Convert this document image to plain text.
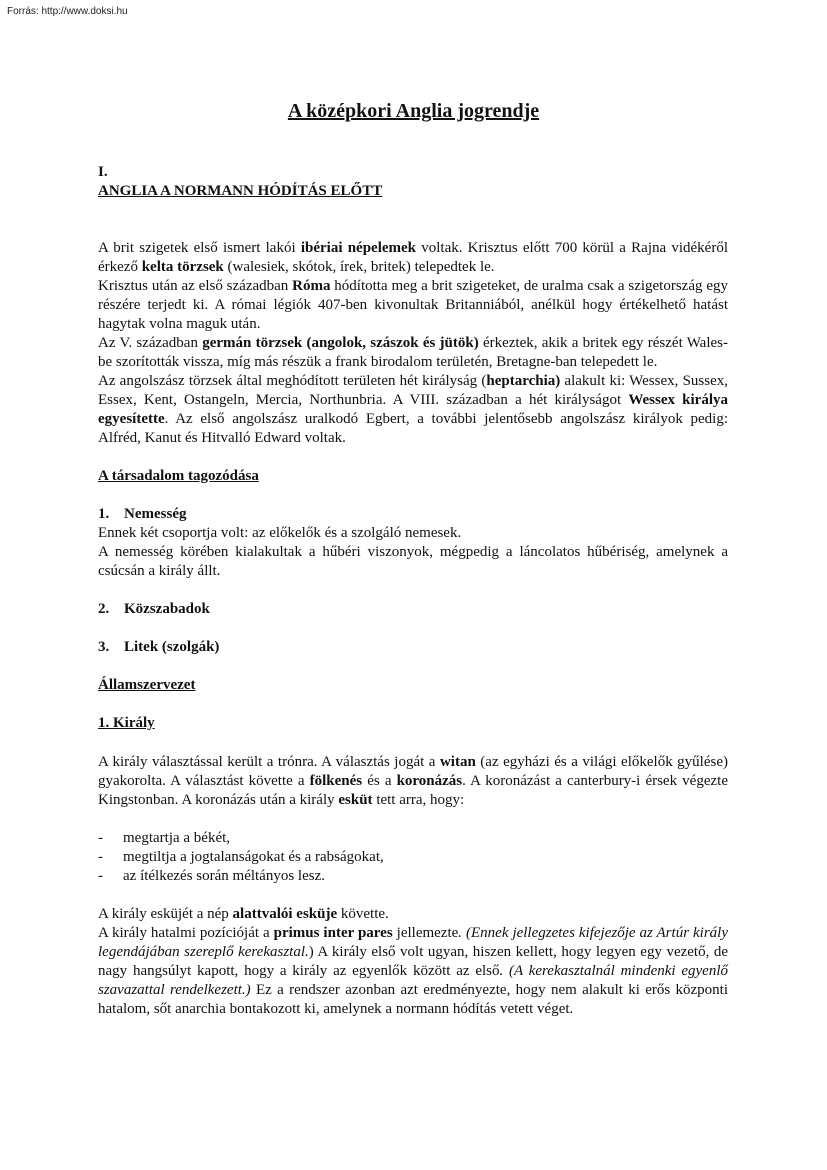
Forrás: http://www.doksi.hu
A középkori Anglia jogrendje
I.
ANGLIA A NORMANN HÓDÍTÁS ELŐTT

A brit szigetek első ismert lakói ibériai népelemek voltak. Krisztus előtt 700 körül a Rajna vidékéről érkező kelta törzsek (walesiek, skótok, írek, britek) telepedtek le.

Krisztus után az első században Róma hódította meg a brit szigeteket, de uralma csak a szigetország egy részére terjedt ki. A római légiók 407-ben kivonultak Britanniából, anélkül hogy értékelhető hatást hagytak volna maguk után.

Az V. században germán törzsek (angolok, szászok és jütök) érkeztek, akik a britek egy részét Wales-be szorították vissza, míg más részük a frank birodalom területén, Bretagne-ban telepedett le.

Az angolszász törzsek által meghódított területen hét királyság (heptarchia) alakult ki: Wessex, Sussex, Essex, Kent, Ostangeln, Mercia, Northunbria. A VIII. században a hét királyságot Wessex királya egyesítette. Az első angolszász uralkodó Egbert, a további jelentősebb angolszász királyok pedig: Alfréd, Kanut és Hitvalló Edward voltak.

A társadalom tagozódása
1. Nemesség

Ennek két csoportja volt: az előkelők és a szolgáló nemesek.

A nemesség körében kialakultak a hűbéri viszonyok, mégpedig a láncolatos hűbériség, amelynek a csúcsán a király állt.

2. Közszabadok
3. Litek (szolgák)
Államszervezet
1. Király

A király választással került a trónra. A választás jogát a witan (az egyházi és a világi előkelők gyűlése) gyakorolta. A választást követte a fölkenés és a koronázás. A koronázást a canterbury-i érsek végezte Kingstonban. A koronázás után a király esküt tett arra, hogy:

-	megtartja a békét,
-	megtiltja a jogtalanságokat és a rabságokat,
-	az ítélkezés során méltányos lesz.

A király esküjét a nép alattvalói esküje követte.

A király hatalmi pozícióját a primus inter pares jellemezte. (Ennek jellegzetes kifejezője az Artúr király legendájában szereplő kerekasztal.) A király első volt ugyan, hiszen kellett, hogy legyen egy vezető, de nagy hangsúlyt kapott, hogy a király az egyenlők között az első. (A kerekasztalnál mindenki egyenlő szavazattal rendelkezett.) Ez a rendszer azonban azt eredményezte, hogy nem alakult ki erős központi hatalom, sőt anarchia bontakozott ki, amelynek a normann hódítás vetett véget.
